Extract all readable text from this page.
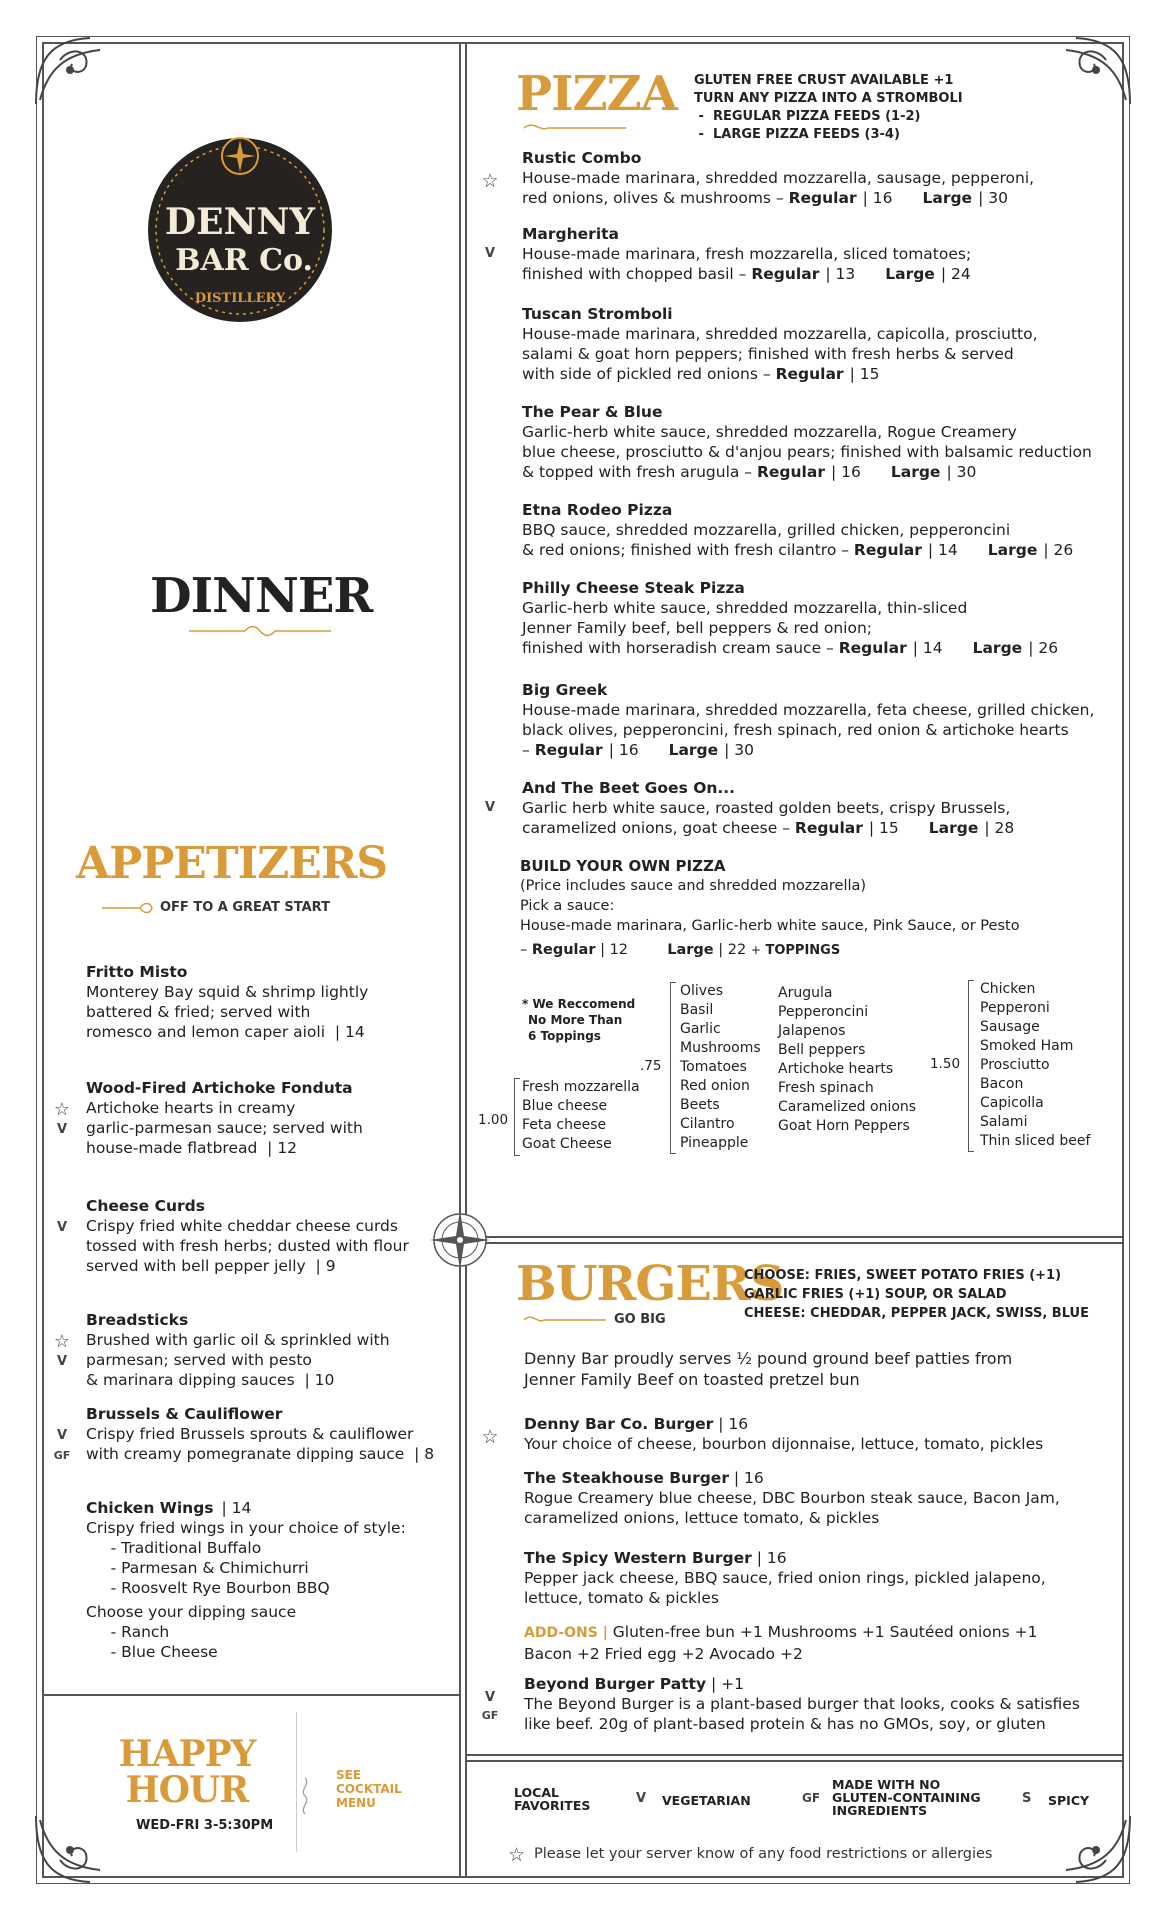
DENNY
BAR Co.
DISTILLERY
DINNER
APPETIZERS
OFF TO A GREAT START
Fritto Misto
Monterey Bay squid & shrimp lightly
battered & fried; served with
romesco and lemon caper aioli  | 14
Wood-Fired Artichoke Fonduta
Artichoke hearts in creamy
garlic-parmesan sauce; served with
house-made flatbread  | 12
☆
V
Cheese Curds
Crispy fried white cheddar cheese curds
tossed with fresh herbs; dusted with flour
served with bell pepper jelly  | 9
V
Breadsticks
Brushed with garlic oil & sprinkled with
parmesan; served with pesto
& marinara dipping sauces  | 10
☆
V
Brussels & Cauliflower
Crispy fried Brussels sprouts & cauliflower
with creamy pomegranate dipping sauce  | 8
V
GF
Chicken Wings | 14
Crispy fried wings in your choice of style:
- Traditional Buffalo
- Parmesan & Chimichurri
- Roosvelt Rye Bourbon BBQ
Choose your dipping sauce
- Ranch
- Blue Cheese
HAPPY
HOUR
WED-FRI 3-5:30PM
SEE
COCKTAIL
MENU
PIZZA GLUTEN FREE CRUST AVAILABLE +1
TURN ANY PIZZA INTO A STROMBOLI
-  REGULAR PIZZA FEEDS (1-2)
-  LARGE PIZZA FEEDS (3-4)
Rustic Combo
House-made marinara, shredded mozzarella, sausage, pepperoni,
red onions, olives & mushrooms – Regular | 16 Large | 30
☆
Margherita
House-made marinara, fresh mozzarella, sliced tomatoes;
finished with chopped basil – Regular | 13 Large | 24
V
Tuscan Stromboli
House-made marinara, shredded mozzarella, capicolla, prosciutto,
salami & goat horn peppers; finished with fresh herbs & served
with side of pickled red onions – Regular | 15
The Pear & Blue
Garlic-herb white sauce, shredded mozzarella, Rogue Creamery
blue cheese, prosciutto & d'anjou pears; finished with balsamic reduction
& topped with fresh arugula – Regular | 16 Large | 30
Etna Rodeo Pizza
BBQ sauce, shredded mozzarella, grilled chicken, pepperoncini
& red onions; finished with fresh cilantro – Regular | 14 Large | 26
Philly Cheese Steak Pizza
Garlic-herb white sauce, shredded mozzarella, thin-sliced
Jenner Family beef, bell peppers & red onion;
finished with horseradish cream sauce – Regular | 14 Large | 26
Big Greek
House-made marinara, shredded mozzarella, feta cheese, grilled chicken,
black olives, pepperoncini, fresh spinach, red onion & artichoke hearts
– Regular | 16 Large | 30
And The Beet Goes On...
Garlic herb white sauce, roasted golden beets, crispy Brussels,
caramelized onions, goat cheese – Regular | 15 Large | 28
V
BUILD YOUR OWN PIZZA
(Price includes sauce and shredded mozzarella)
Pick a sauce:
House-made marinara, Garlic-herb white sauce, Pink Sauce, or Pesto
– Regular | 12	Large | 22 + TOPPINGS
* We Reccomend
No More Than
6 Toppings
1.00
Fresh mozzarella
Blue cheese
Feta cheese
Goat Cheese
.75
Olives
Basil
Garlic
Mushrooms
Tomatoes
Red onion
Beets
Cilantro
Pineapple
Arugula
Pepperoncini
Jalapenos
Bell peppers
Artichoke hearts
Fresh spinach
Caramelized onions
Goat Horn Peppers
1.50
Chicken
Pepperoni
Sausage
Smoked Ham
Prosciutto
Bacon
Capicolla
Salami
Thin sliced beef
BURGERS
GO BIG
CHOOSE: FRIES, SWEET POTATO FRIES (+1)
GARLIC FRIES (+1) SOUP, OR SALAD
CHEESE: CHEDDAR, PEPPER JACK, SWISS, BLUE
Denny Bar proudly serves ½ pound ground beef patties from
Jenner Family Beef on toasted pretzel bun
Denny Bar Co. Burger | 16
Your choice of cheese, bourbon dijonnaise, lettuce, tomato, pickles
☆
The Steakhouse Burger | 16
Rogue Creamery blue cheese, DBC Bourbon steak sauce, Bacon Jam,
caramelized onions, lettuce tomato, & pickles
The Spicy Western Burger | 16
Pepper jack cheese, BBQ sauce, fried onion rings, pickled jalapeno,
lettuce, tomato & pickles
ADD-ONS | Gluten-free bun +1 Mushrooms +1 Sautéed onions +1
Bacon +2 Fried egg +2 Avocado +2
V
GF
Beyond Burger Patty | +1
The Beyond Burger is a plant-based burger that looks, cooks & satisfies
like beef. 20g of plant-based protein & has no GMOs, soy, or gluten
LOCAL
FAVORITES	V VEGETARIAN	GF
MADE WITH NO
GLUTEN-CONTAINING
INGREDIENTS
S SPICY
☆ Please let your server know of any food restrictions or allergies
